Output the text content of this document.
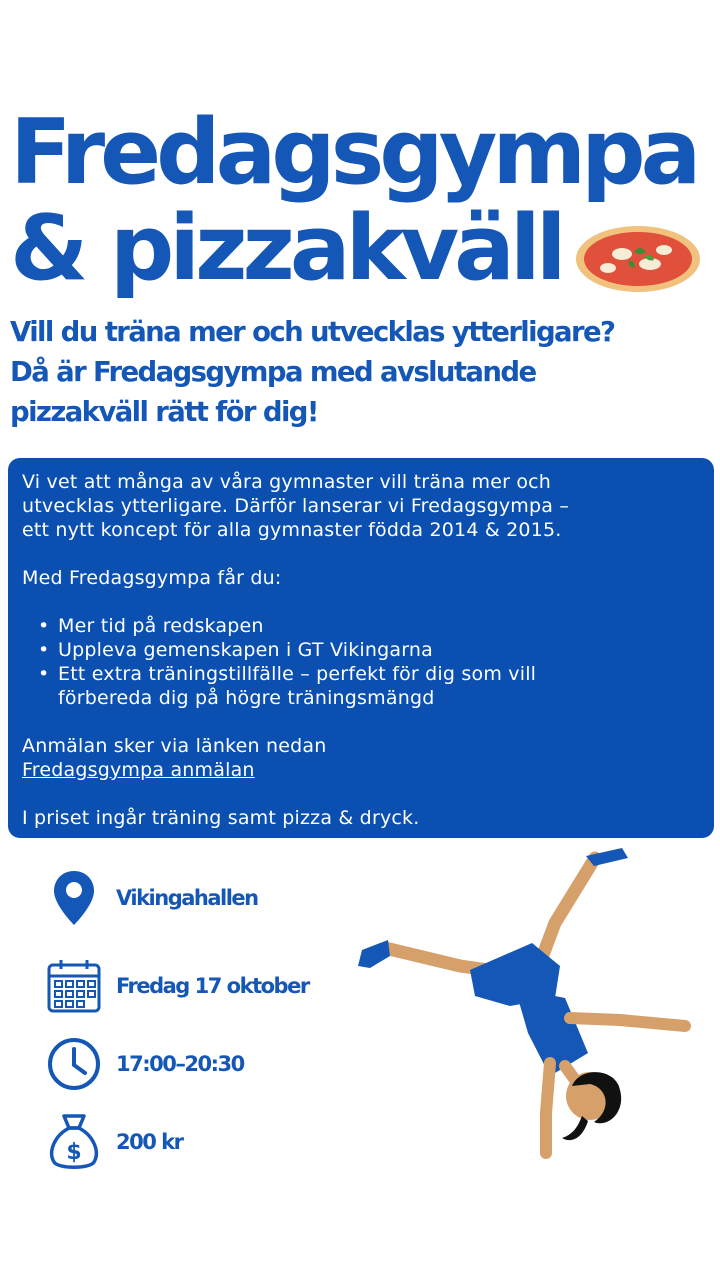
Fredagsgympa
& pizzakväll
Vill du träna mer och utvecklas ytterligare?
Då är Fredagsgympa med avslutande
pizzakväll rätt för dig!

Vi vet att många av våra gymnaster vill träna mer och
utvecklas ytterligare. Därför lanserar vi Fredagsgympa –
ett nytt koncept för alla gymnaster födda 2014 & 2015.

Med Fredagsgympa får du:

• Mer tid på redskapen
• Uppleva gemenskapen i GT Vikingarna
• Ett extra träningstillfälle – perfekt för dig som vill
förbereda dig på högre träningsmängd

Anmälan sker via länken nedan

Fredagsgympa anmälan

I priset ingår träning samt pizza & dryck.

Vikingahallen
Fredag 17 oktober
17:00–20:30
$ 200 kr
